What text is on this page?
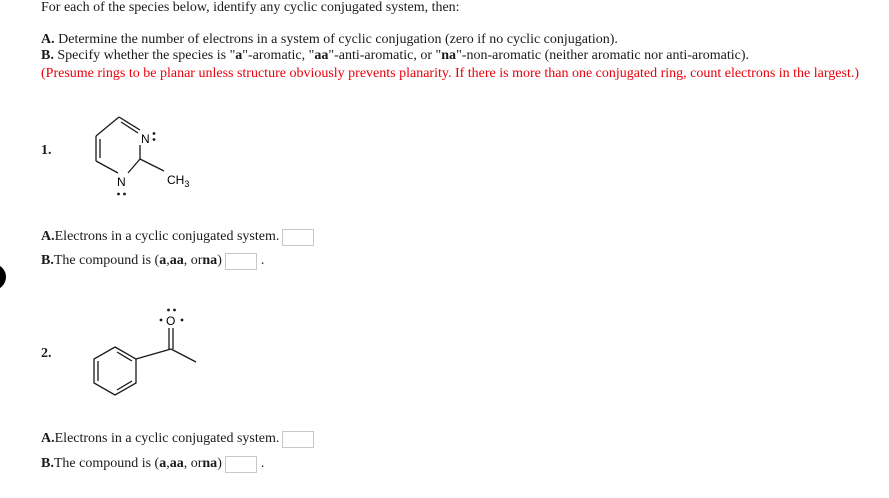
For each of the species below, identify any cyclic conjugated system, then:
A. Determine the number of electrons in a system of cyclic conjugation (zero if no cyclic conjugation).
B. Specify whether the species is "a"-aromatic, "aa"-anti-aromatic, or "na"-non-aromatic (neither aromatic nor anti-aromatic).
(Presume rings to be planar unless structure obviously prevents planarity. If there is more than one conjugated ring, count electrons in the largest.)
1.
N
N	$CH_3$
A. Electrons in a cyclic conjugated system.
B. The compound is ( a , aa , or na )	.
2.
O
A. Electrons in a cyclic conjugated system.
B. The compound is ( a , aa , or na )	.
